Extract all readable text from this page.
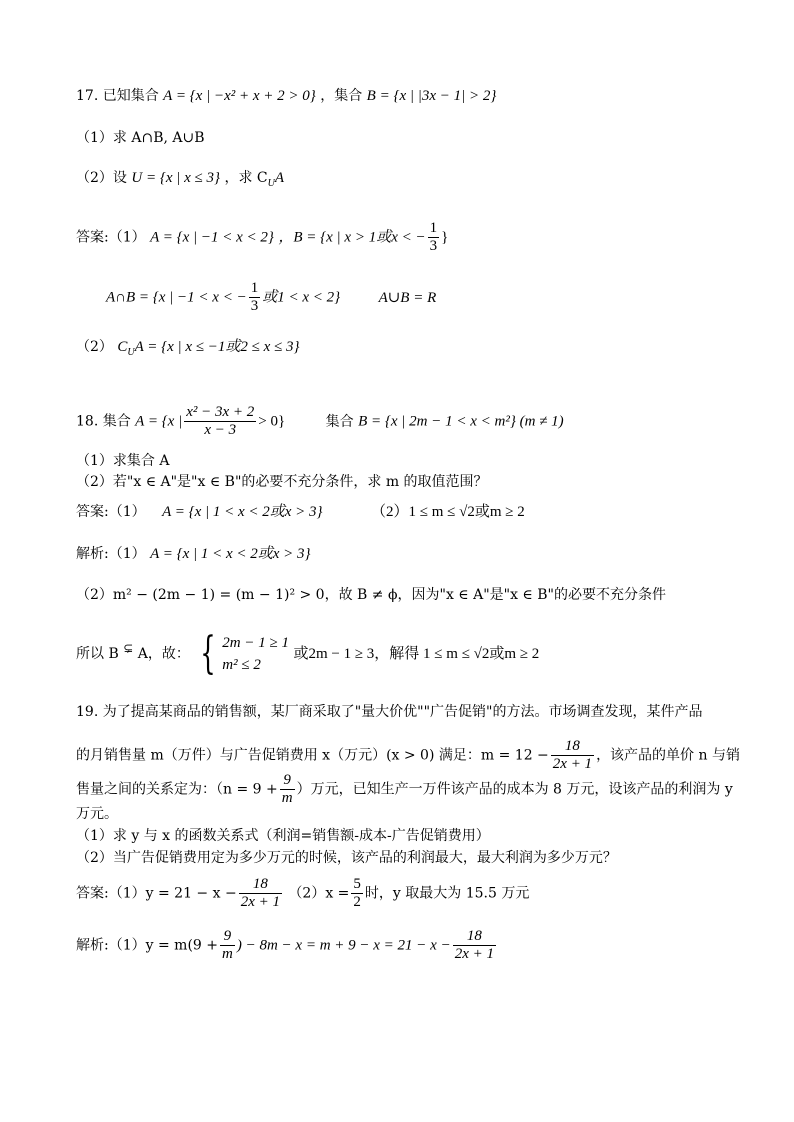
17. 已知集合 A = {x | −x² + x + 2 > 0} ，集合 B = {x | |3x − 1| > 2}
（1）求 A∩B, A∪B
（2）设 U = {x | x ≤ 3} ，求 $C_UA$
答案:（1） A = {x | −1 < x < 2} ，B = {x | x > 1或x < − $\frac{1}{3}$ }
A∩B = {x | −1 < x < − $\frac{1}{3}$ 或1 < x < 2}	A∪B = R
（2） $C_UA = \{x$ | x ≤ −1或2 ≤ x ≤ 3}
18. 集合 A = {x | $\frac{\text{x² − 3x + 2}}{x - 3} > 0$}	集合 B = {x | 2m − 1 < x < m²} (m ≠ 1)
（1）求集合 A
（2）若"x ∈ A"是"x ∈ B"的必要不充分条件，求 m 的取值范围？
答案:（1） A = {x | 1 < x < 2或x > 3}	（2）1 ≤ m ≤ √2或m ≥ 2
解析:（1） A = {x | 1 < x < 2或x > 3}
（2）m² − (2m − 1) = (m − 1)² > 0，故 B ≠ ϕ，因为"x ∈ A"是"x ∈ B"的必要不充分条件
所以 B ⊊ A，故： { 2m − 1 ≥ 1
m² ≤ 2
或2m − 1 ≥ 3，解得 1 ≤ m ≤ √2或m ≥ 2
19. 为了提高某商品的销售额，某厂商采取了"量大价优""广告促销"的方法。市场调查发现，某件产品
的月销售量 m（万件）与广告促销费用 x（万元）(x > 0) 满足：$m = 12 - \frac{18}{2x + 1}$ ，该产品的单价 n 与销
售量之间的关系定为：（$n = 9 + \frac{9}{m}$ ）万元，已知生产一万件该产品的成本为 8 万元，设该产品的利润为 y
万元。
（1）求 y 与 x 的函数关系式（利润=销售额-成本-广告促销费用）
（2）当广告促销费用定为多少万元的时候，该产品的利润最大，最大利润为多少万元？
答案:（1）y = $21 - x - \frac{18}{2x + 1} (2)x = \frac{5}{2}$ 时，y 取最大为 15.5 万元
解析:（1）y = $m(9 + \frac{9}{m}$ ) − $8m - x = m + 9 - x = 21 - x - \frac{18}{2x + 1}$
